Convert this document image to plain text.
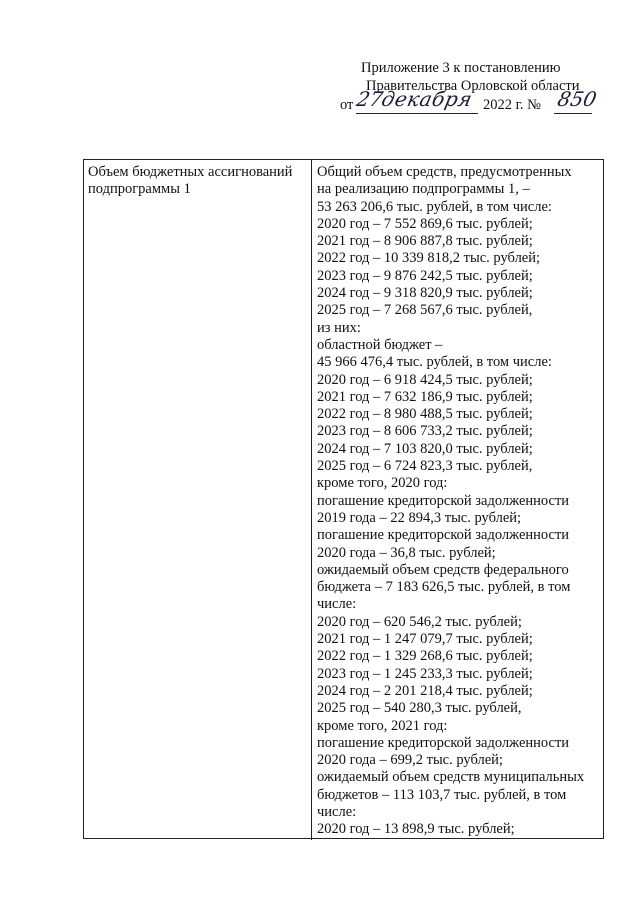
Приложение 3 к постановлению
Правительства Орловской области
от 27
декабря 2022 г. № 850
Объем бюджетных ассигнований
подпрограммы 1
Общий объем средств, предусмотренных
на реализацию подпрограммы 1, –
53 263 206,6 тыс. рублей, в том числе:
2020 год – 7 552 869,6 тыс. рублей;
2021 год – 8 906 887,8 тыс. рублей;
2022 год – 10 339 818,2 тыс. рублей;
2023 год – 9 876 242,5 тыс. рублей;
2024 год – 9 318 820,9 тыс. рублей;
2025 год – 7 268 567,6 тыс. рублей,
из них:
областной бюджет –
45 966 476,4 тыс. рублей, в том числе:
2020 год – 6 918 424,5 тыс. рублей;
2021 год – 7 632 186,9 тыс. рублей;
2022 год – 8 980 488,5 тыс. рублей;
2023 год – 8 606 733,2 тыс. рублей;
2024 год – 7 103 820,0 тыс. рублей;
2025 год – 6 724 823,3 тыс. рублей,
кроме того, 2020 год:
погашение кредиторской задолженности
2019 года – 22 894,3 тыс. рублей;
погашение кредиторской задолженности
2020 года – 36,8 тыс. рублей;
ожидаемый объем средств федерального
бюджета – 7 183 626,5 тыс. рублей, в том
числе:
2020 год – 620 546,2 тыс. рублей;
2021 год – 1 247 079,7 тыс. рублей;
2022 год – 1 329 268,6 тыс. рублей;
2023 год – 1 245 233,3 тыс. рублей;
2024 год – 2 201 218,4 тыс. рублей;
2025 год – 540 280,3 тыс. рублей,
кроме того, 2021 год:
погашение кредиторской задолженности
2020 года – 699,2 тыс. рублей;
ожидаемый объем средств муниципальных
бюджетов – 113 103,7 тыс. рублей, в том
числе:
2020 год – 13 898,9 тыс. рублей;
